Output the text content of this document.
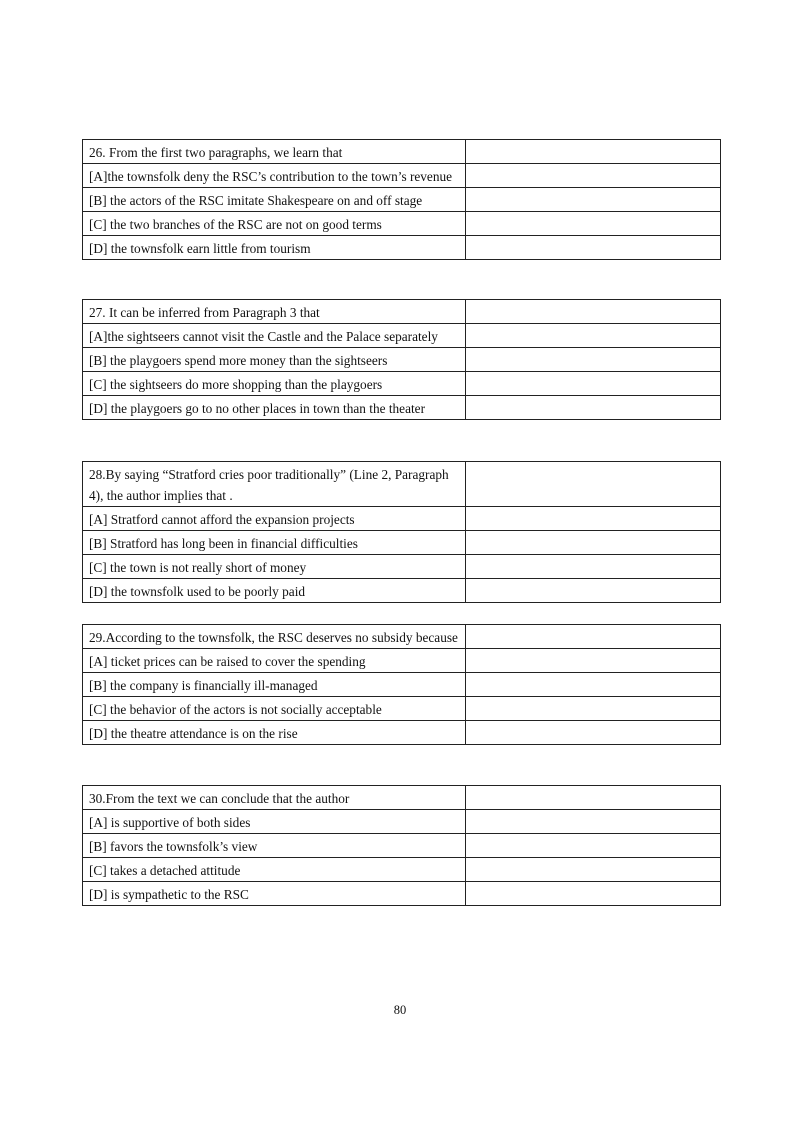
26. From the first two paragraphs, we learn that	
[A]the townsfolk deny the RSC’s contribution to the town’s revenue	
[B] the actors of the RSC imitate Shakespeare on and off stage	
[C] the two branches of the RSC are not on good terms	
[D] the townsfolk earn little from tourism	
27. It can be inferred from Paragraph 3 that	
[A]the sightseers cannot visit the Castle and the Palace separately	
[B] the playgoers spend more money than the sightseers	
[C] the sightseers do more shopping than the playgoers	
[D] the playgoers go to no other places in town than the theater	
28.By saying “Stratford cries poor traditionally” (Line 2, Paragraph 4), the author implies that .	
[A] Stratford cannot afford the expansion projects	
[B] Stratford has long been in financial difficulties	
[C] the town is not really short of money	
[D] the townsfolk used to be poorly paid	
29.According to the townsfolk, the RSC deserves no subsidy because	
[A] ticket prices can be raised to cover the spending	
[B] the company is financially ill-managed	
[C] the behavior of the actors is not socially acceptable	
[D] the theatre attendance is on the rise	
30.From the text we can conclude that the author	
[A] is supportive of both sides	
[B] favors the townsfolk’s view	
[C] takes a detached attitude	
[D] is sympathetic to the RSC	
80
